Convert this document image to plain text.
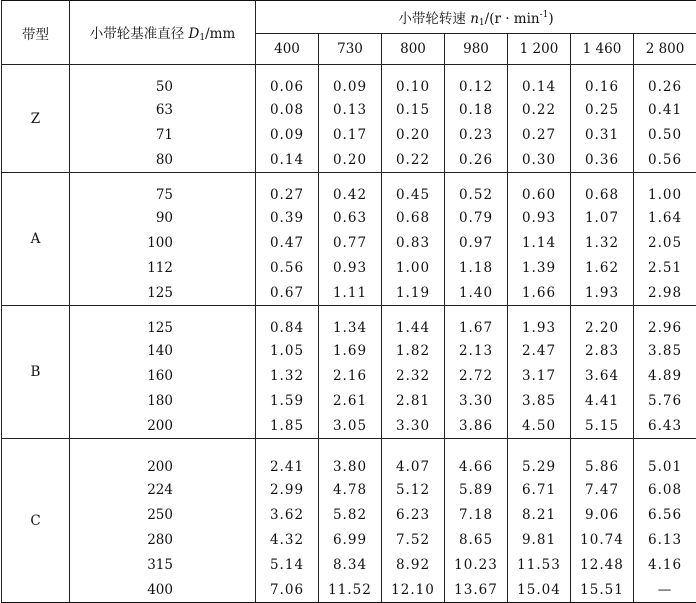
带型	小带轮基准直径 $D_1/mm$	小带轮转速 $n_1/(r \cdot \min^{-1})$						
		400	730	800	980	1 200	1 460	2 800
Z	50	0.06	0.09	0.10	0.12	0.14	0.16	0.26
	63	0.08	0.13	0.15	0.18	0.22	0.25	0.41
	71	0.09	0.17	0.20	0.23	0.27	0.31	0.50
	80	0.14	0.20	0.22	0.26	0.30	0.36	0.56
A	75	0.27	0.42	0.45	0.52	0.60	0.68	1.00
	90	0.39	0.63	0.68	0.79	0.93	1.07	1.64
	100	0.47	0.77	0.83	0.97	1.14	1.32	2.05
	112	0.56	0.93	1.00	1.18	1.39	1.62	2.51
	125	0.67	1.11	1.19	1.40	1.66	1.93	2.98
B	125	0.84	1.34	1.44	1.67	1.93	2.20	2.96
	140	1.05	1.69	1.82	2.13	2.47	2.83	3.85
	160	1.32	2.16	2.32	2.72	3.17	3.64	4.89
	180	1.59	2.61	2.81	3.30	3.85	4.41	5.76
	200	1.85	3.05	3.30	3.86	4.50	5.15	6.43
C	200	2.41	3.80	4.07	4.66	5.29	5.86	5.01
	224	2.99	4.78	5.12	5.89	6.71	7.47	6.08
	250	3.62	5.82	6.23	7.18	8.21	9.06	6.56
	280	4.32	6.99	7.52	8.65	9.81	10.74	6.13
	315	5.14	8.34	8.92	10.23	11.53	12.48	4.16
	400	7.06	11.52	12.10	13.67	15.04	15.51	—
